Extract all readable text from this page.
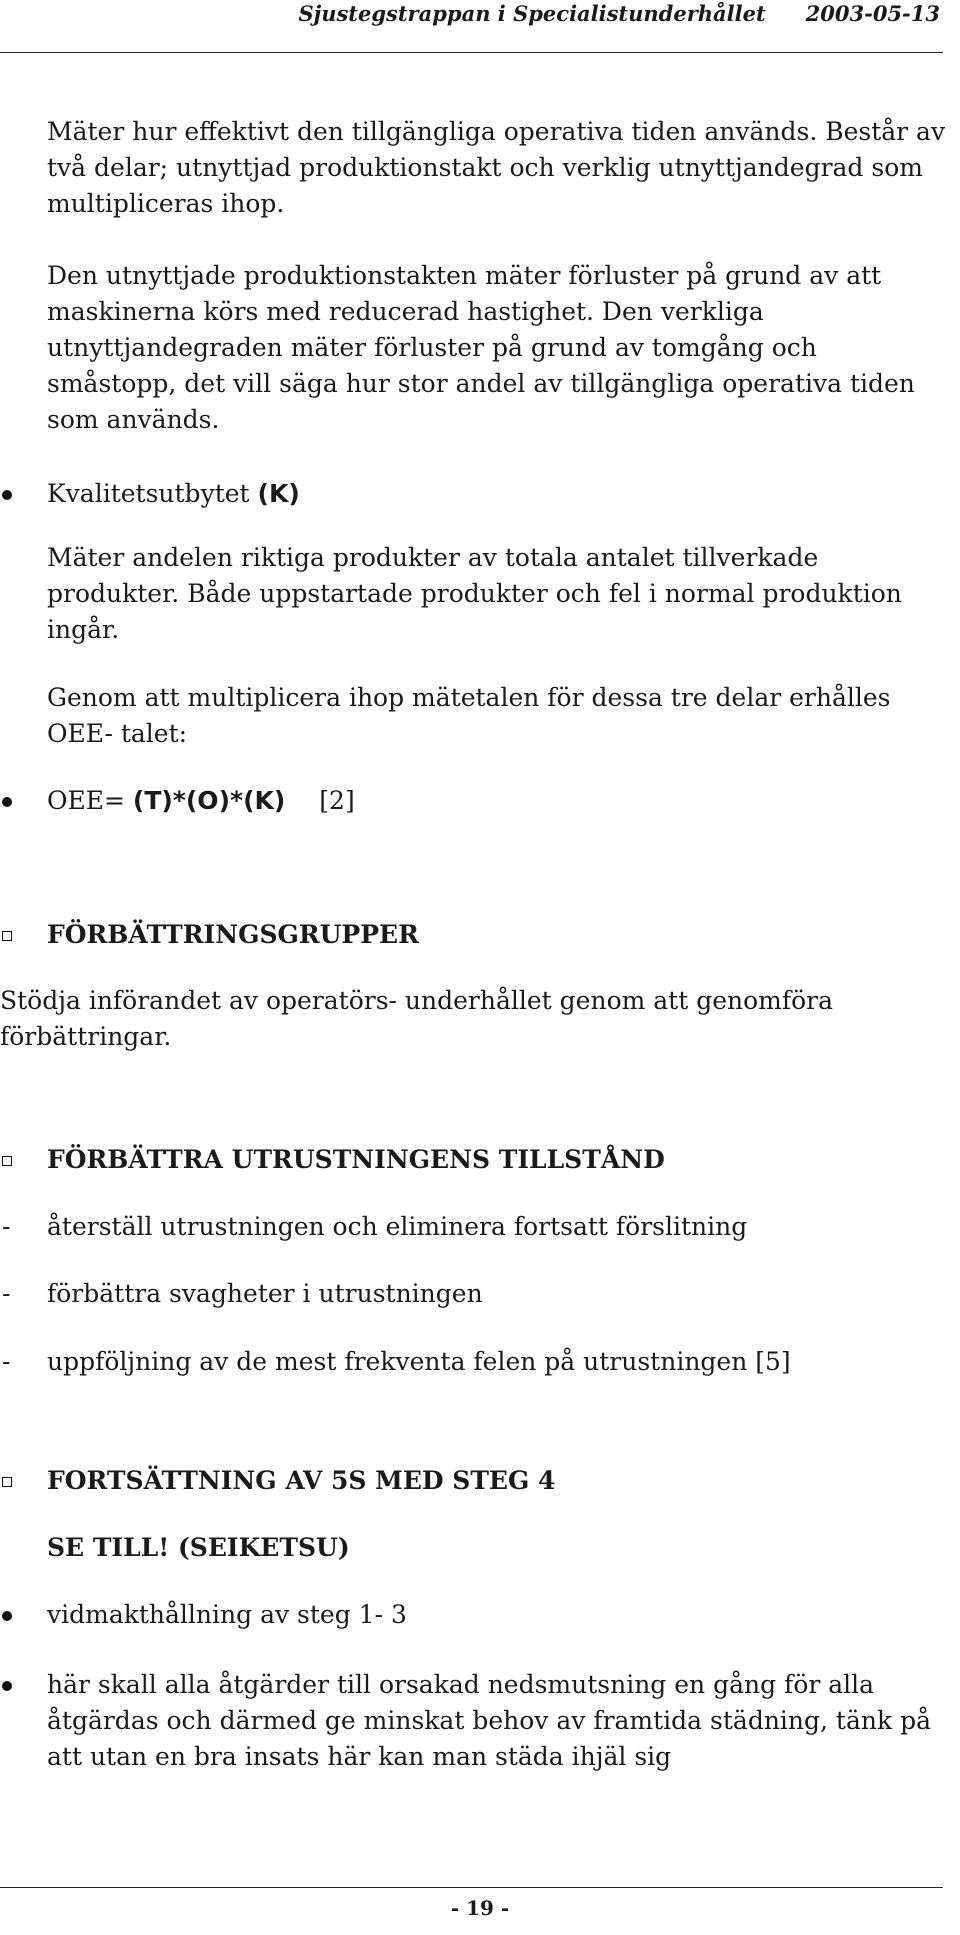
Sjustegstrappan i Specialistunderhållet 2003-05-13

Mäter hur effektivt den tillgängliga operativa tiden används. Består av två delar; utnyttjad produktionstakt och verklig utnyttjandegrad som multipliceras ihop.

Den utnyttjade produktionstakten mäter förluster på grund av att maskinerna körs med reducerad hastighet. Den verkliga utnyttjandegraden mäter förluster på grund av tomgång och småstopp, det vill säga hur stor andel av tillgängliga operativa tiden som används.

Kvalitetsutbytet (K)

Mäter andelen riktiga produkter av totala antalet tillverkade produkter. Både uppstartade produkter och fel i normal produktion ingår.

Genom att multiplicera ihop mätetalen för dessa tre delar erhålles OEE- talet:

OEE= (T)*(O)*(K) [2]

FÖRBÄTTRINGSGRUPPER

Stödja införandet av operatörs- underhållet genom att genomföra förbättringar.

FÖRBÄTTRA UTRUSTNINGENS TILLSTÅND

- återställ utrustningen och eliminera fortsatt förslitning

- förbättra svagheter i utrustningen

- uppföljning av de mest frekventa felen på utrustningen [5]

FORTSÄTTNING AV 5S MED STEG 4

SE TILL! (SEIKETSU)

vidmakthållning av steg 1- 3

här skall alla åtgärder till orsakad nedsmutsning en gång för alla åtgärdas och därmed ge minskat behov av framtida städning, tänk på att utan en bra insats här kan man städa ihjäl sig

- 19 -
